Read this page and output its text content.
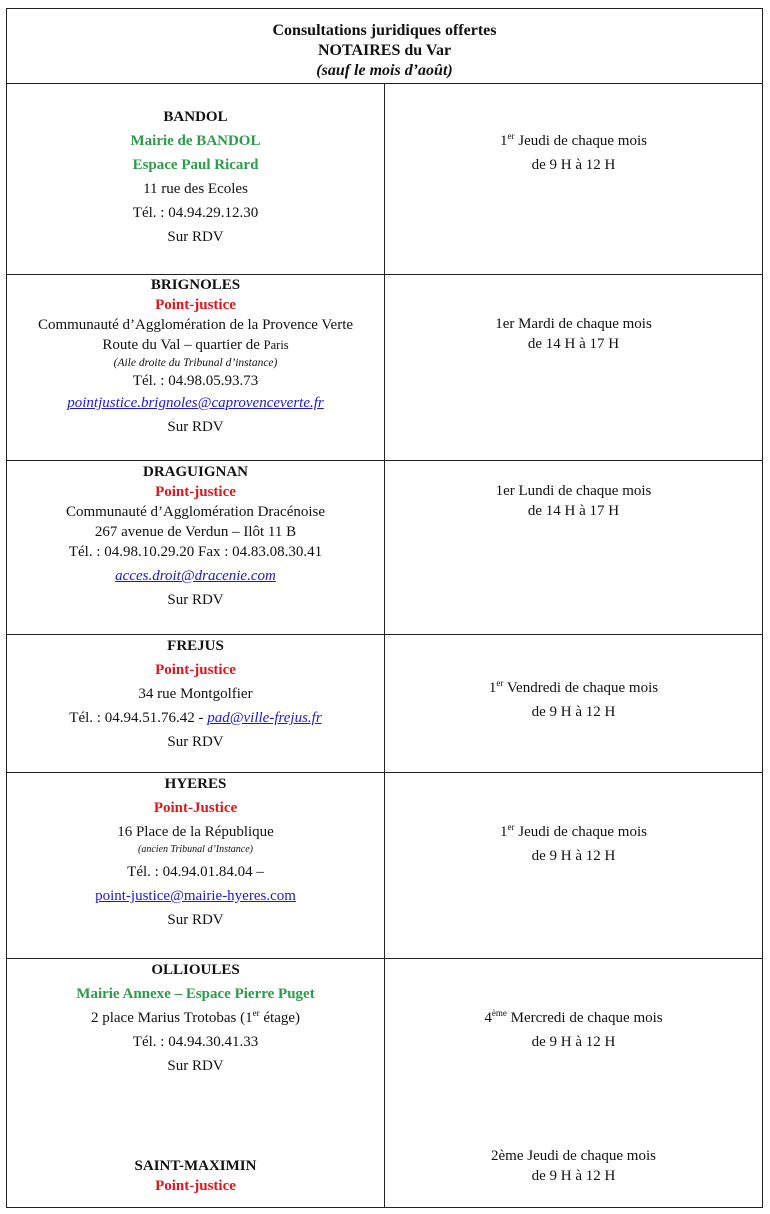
Consultations juridiques offertes
NOTAIRES du Var
(sauf le mois d’août)
BANDOL
Mairie de BANDOL
Espace Paul Ricard
11 rue des Ecoles
Tél. : 04.94.29.12.30
Sur RDV
1er Jeudi de chaque mois
de 9 H à 12 H
BRIGNOLES
Point-justice
Communauté d’Agglomération de la Provence Verte
Route du Val – quartier de Paris
(Aile droite du Tribunal d’instance)
Tél. : 04.98.05.93.73
pointjustice.brignoles@caprovenceverte.fr
Sur RDV
1er Mardi de chaque mois
de 14 H à 17 H
DRAGUIGNAN
Point-justice
Communauté d’Agglomération Dracénoise
267 avenue de Verdun – Ilôt 11 B
Tél. : 04.98.10.29.20 Fax : 04.83.08.30.41
acces.droit@dracenie.com
Sur RDV
1er Lundi de chaque mois
de 14 H à 17 H
FREJUS
Point-justice
34 rue Montgolfier
Tél. : 04.94.51.76.42 - pad@ville-frejus.fr
Sur RDV
1er Vendredi de chaque mois
de 9 H à 12 H
HYERES
Point-Justice
16 Place de la République
(ancien Tribunal d’Instance)
Tél. : 04.94.01.84.04 –
point-justice@mairie-hyeres.com
Sur RDV
1er Jeudi de chaque mois
de 9 H à 12 H
OLLIOULES
Mairie Annexe – Espace Pierre Puget
2 place Marius Trotobas (1er étage)
Tél. : 04.94.30.41.33
Sur RDV
4ème Mercredi de chaque mois
de 9 H à 12 H
SAINT-MAXIMIN
Point-justice
2ème Jeudi de chaque mois
de 9 H à 12 H
